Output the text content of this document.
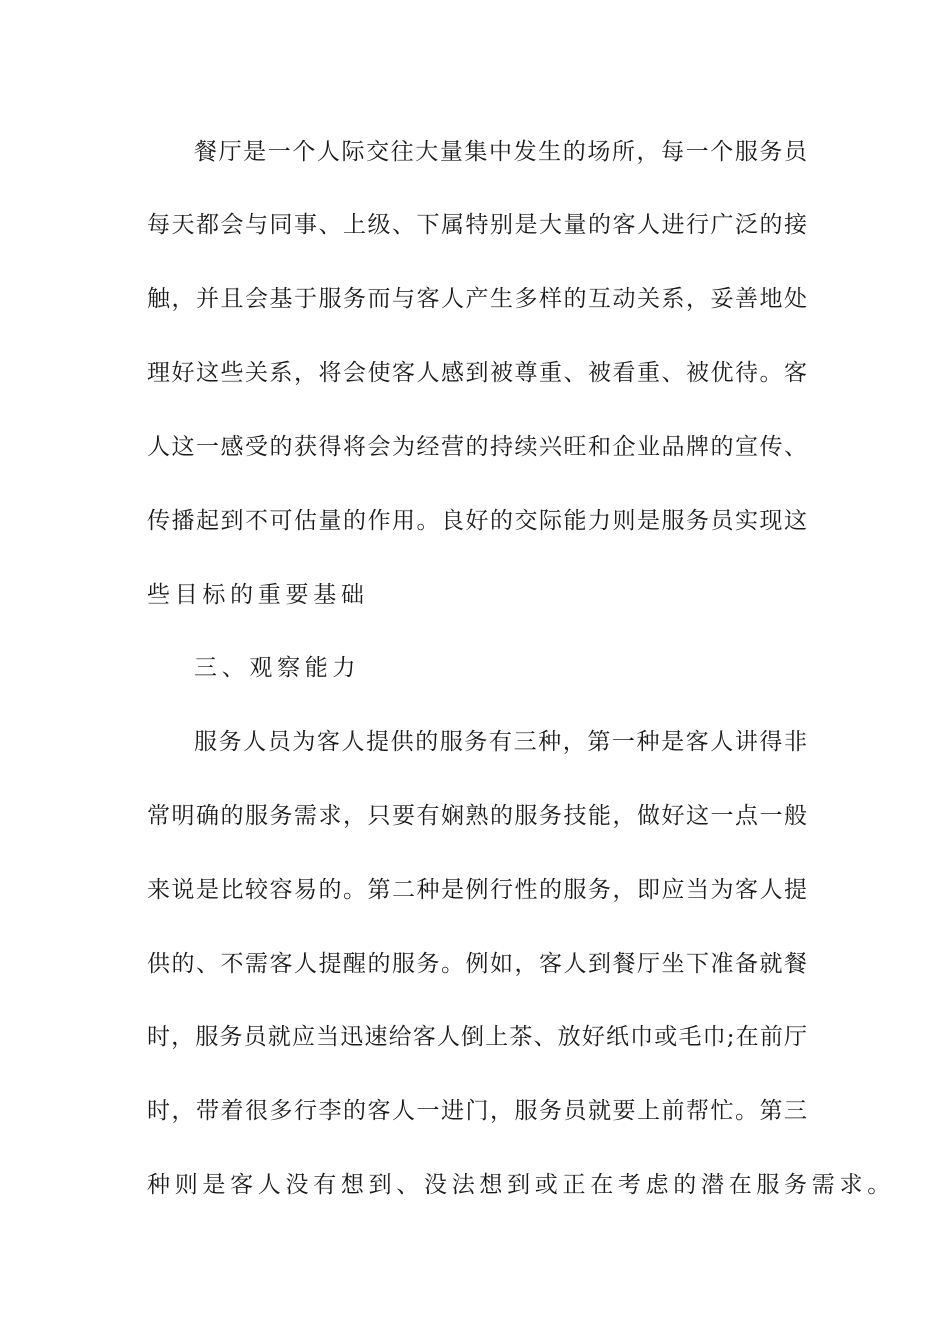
餐厅是一个人际交往大量集中发生的场所，每一个服务员
每天都会与同事、上级、下属特别是大量的客人进行广泛的接
触，并且会基于服务而与客人产生多样的互动关系，妥善地处
理好这些关系，将会使客人感到被尊重、被看重、被优待。客
人这一感受的获得将会为经营的持续兴旺和企业品牌的宣传、
传播起到不可估量的作用。良好的交际能力则是服务员实现这
些目标的重要基础
三、观察能力
服务人员为客人提供的服务有三种，第一种是客人讲得非
常明确的服务需求，只要有娴熟的服务技能，做好这一点一般
来说是比较容易的。第二种是例行性的服务，即应当为客人提
供的、不需客人提醒的服务。例如，客人到餐厅坐下准备就餐
时，服务员就应当迅速给客人倒上茶、放好纸巾或毛巾;在前厅
时，带着很多行李的客人一进门，服务员就要上前帮忙。第三
种则是客人没有想到、没法想到或正在考虑的潜在服务需求。
